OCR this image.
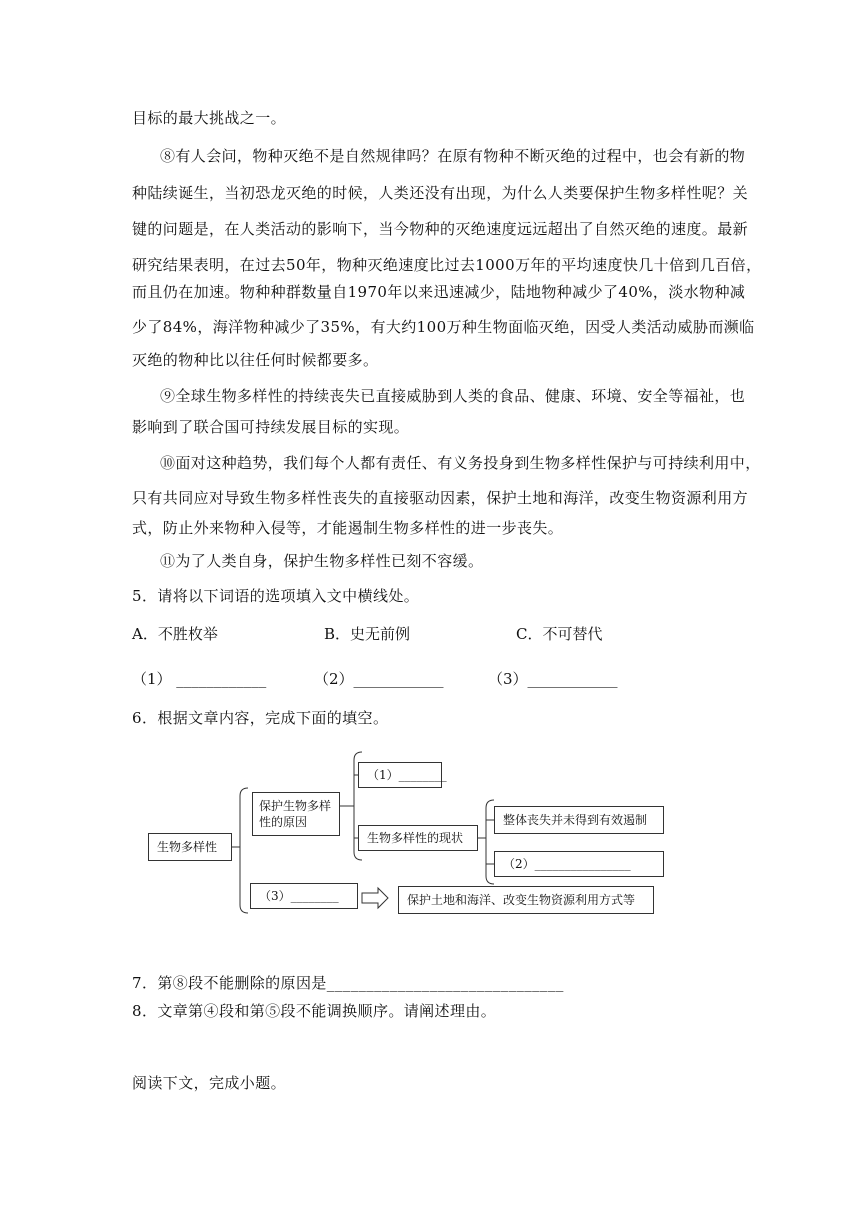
目标的最大挑战之一。
⑧有人会问，物种灭绝不是自然规律吗？在原有物种不断灭绝的过程中，也会有新的物
种陆续诞生，当初恐龙灭绝的时候，人类还没有出现，为什么人类要保护生物多样性呢？关
键的问题是，在人类活动的影响下，当今物种的灭绝速度远远超出了自然灭绝的速度。最新
研究结果表明，在过去50年，物种灭绝速度比过去1000万年的平均速度快几十倍到几百倍，
而且仍在加速。物种种群数量自1970年以来迅速减少，陆地物种减少了40%，淡水物种减
少了84%，海洋物种减少了35%，有大约100万种生物面临灭绝，因受人类活动威胁而濒临
灭绝的物种比以往任何时候都要多。
⑨全球生物多样性的持续丧失已直接威胁到人类的食品、健康、环境、安全等福祉，也
影响到了联合国可持续发展目标的实现。
⑩面对这种趋势，我们每个人都有责任、有义务投身到生物多样性保护与可持续利用中，
只有共同应对导致生物多样性丧失的直接驱动因素，保护土地和海洋，改变生物资源利用方
式，防止外来物种入侵等，才能遏制生物多样性的进一步丧失。
⑪为了人类自身，保护生物多样性已刻不容缓。
5．请将以下词语的选项填入文中横线处。
A．不胜枚举	B．史无前例	C．不可替代
（1） ____________	（2）____________	（3）____________
6．根据文章内容，完成下面的填空。
生物多样性
保护生物多样性的原因
（1）________
生物多样性的现状
整体丧失并未得到有效遏制
（2）________________
（3）________	保护土地和海洋、改变生物资源利用方式等
7．第⑧段不能删除的原因是______________________________
8．文章第④段和第⑤段不能调换顺序。请阐述理由。
阅读下文，完成小题。
